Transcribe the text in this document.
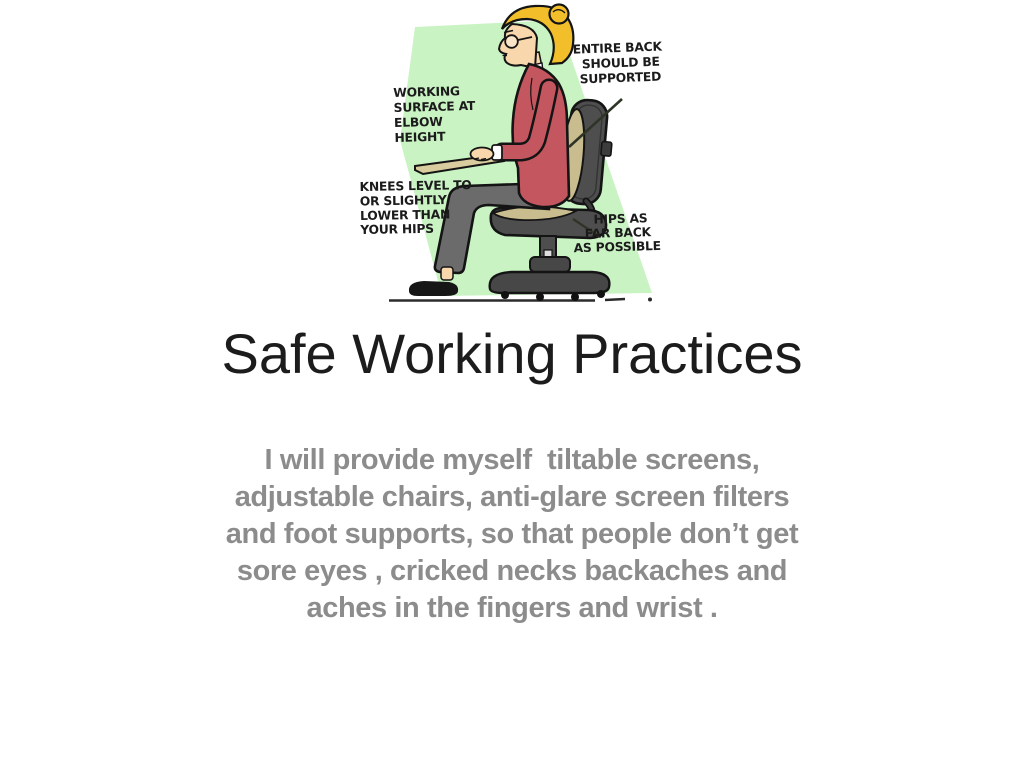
WORKING SURFACE AT ELBOW HEIGHT
ENTIRE BACK SHOULD BE SUPPORTED
KNEES LEVEL TO OR SLIGHTLY LOWER THAN YOUR HIPS
HIPS AS FAR BACK AS POSSIBLE
Safe Working Practices
I will provide myself  tiltable screens,
adjustable chairs, anti-glare screen filters
and foot supports, so that people don’t get
sore eyes , cricked necks backaches and
aches in the fingers and wrist .
